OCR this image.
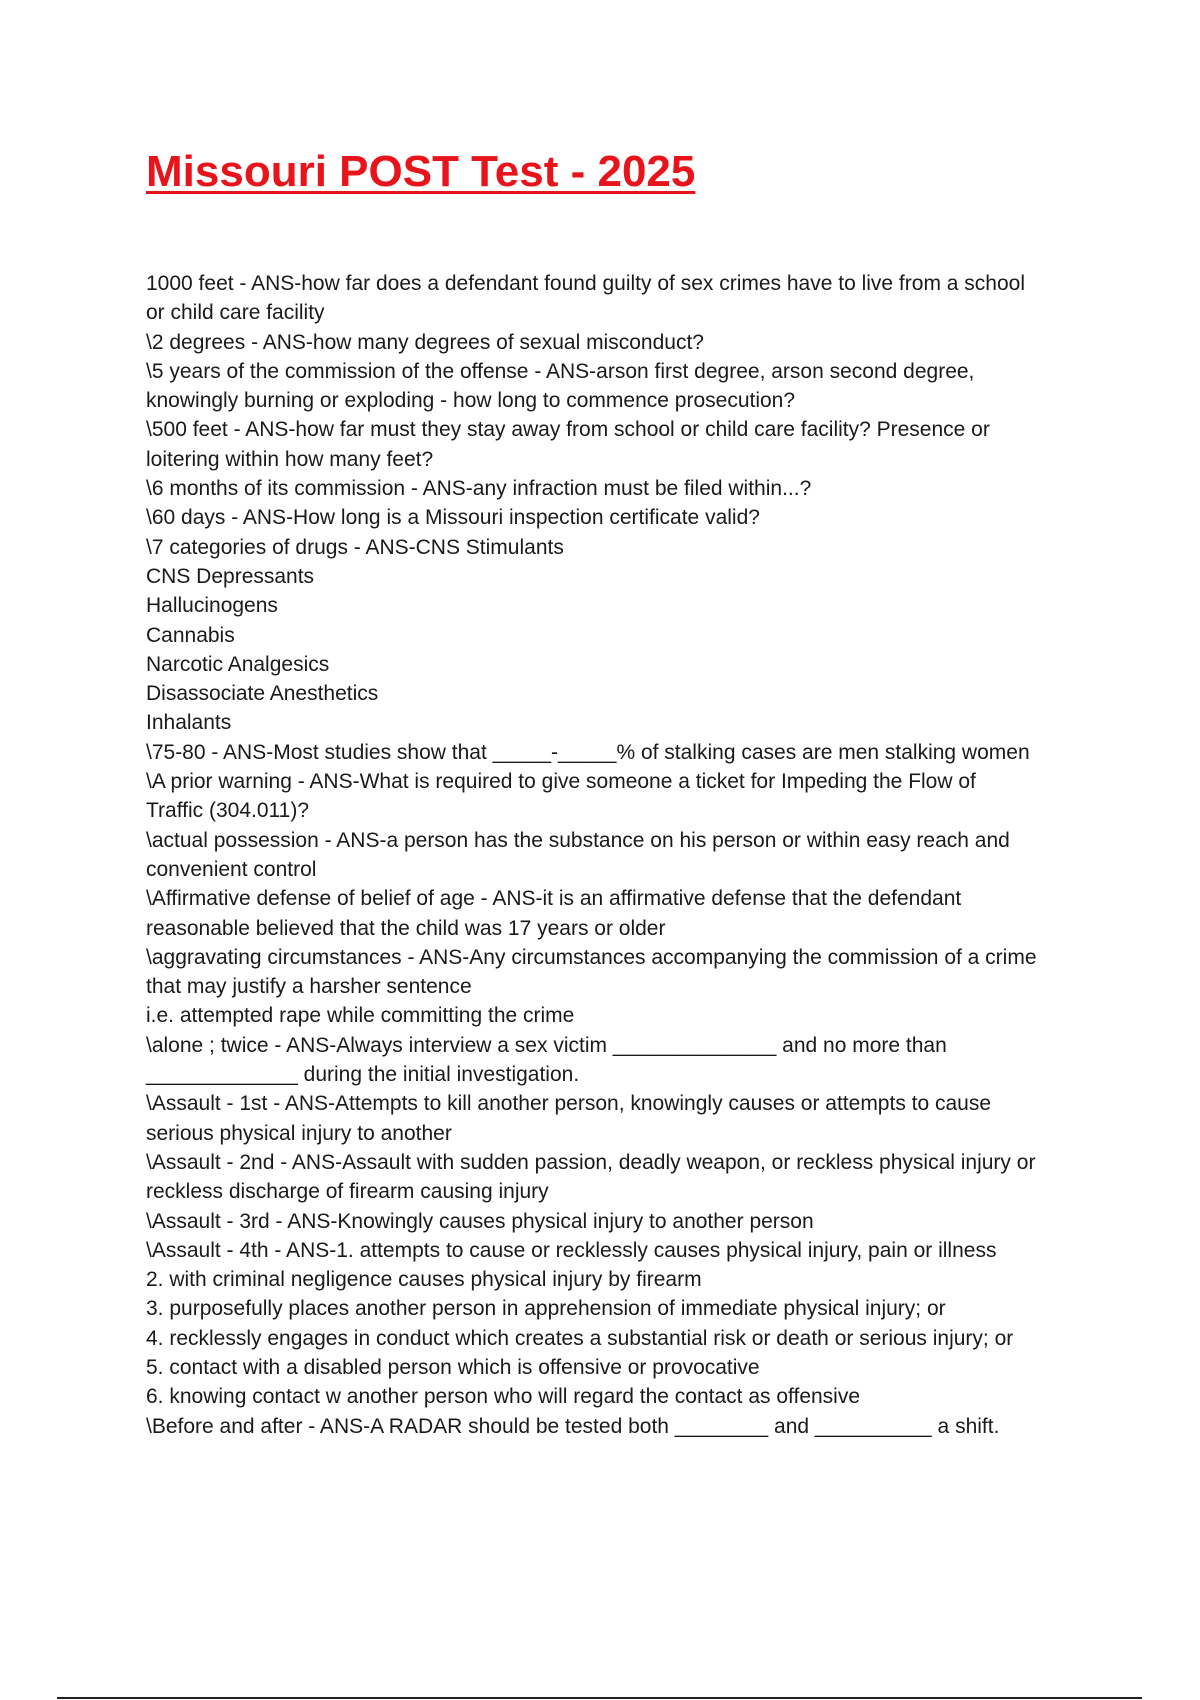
Missouri POST Test - 2025
1000 feet - ANS-how far does a defendant found guilty of sex crimes have to live from a school
or child care facility
\2 degrees - ANS-how many degrees of sexual misconduct?
\5 years of the commission of the offense - ANS-arson first degree, arson second degree,
knowingly burning or exploding - how long to commence prosecution?
\500 feet - ANS-how far must they stay away from school or child care facility? Presence or
loitering within how many feet?
\6 months of its commission - ANS-any infraction must be filed within...?
\60 days - ANS-How long is a Missouri inspection certificate valid?
\7 categories of drugs - ANS-CNS Stimulants
CNS Depressants
Hallucinogens
Cannabis
Narcotic Analgesics
Disassociate Anesthetics
Inhalants
\75-80 - ANS-Most studies show that _____-_____% of stalking cases are men stalking women
\A prior warning - ANS-What is required to give someone a ticket for Impeding the Flow of
Traffic (304.011)?
\actual possession - ANS-a person has the substance on his person or within easy reach and
convenient control
\Affirmative defense of belief of age - ANS-it is an affirmative defense that the defendant
reasonable believed that the child was 17 years or older
\aggravating circumstances - ANS-Any circumstances accompanying the commission of a crime
that may justify a harsher sentence
i.e. attempted rape while committing the crime
\alone ; twice - ANS-Always interview a sex victim ______________ and no more than
_____________ during the initial investigation.
\Assault - 1st - ANS-Attempts to kill another person, knowingly causes or attempts to cause
serious physical injury to another
\Assault - 2nd - ANS-Assault with sudden passion, deadly weapon, or reckless physical injury or
reckless discharge of firearm causing injury
\Assault - 3rd - ANS-Knowingly causes physical injury to another person
\Assault - 4th - ANS-1. attempts to cause or recklessly causes physical injury, pain or illness
2. with criminal negligence causes physical injury by firearm
3. purposefully places another person in apprehension of immediate physical injury; or
4. recklessly engages in conduct which creates a substantial risk or death or serious injury; or
5. contact with a disabled person which is offensive or provocative
6. knowing contact w another person who will regard the contact as offensive
\Before and after - ANS-A RADAR should be tested both ________ and __________ a shift.
